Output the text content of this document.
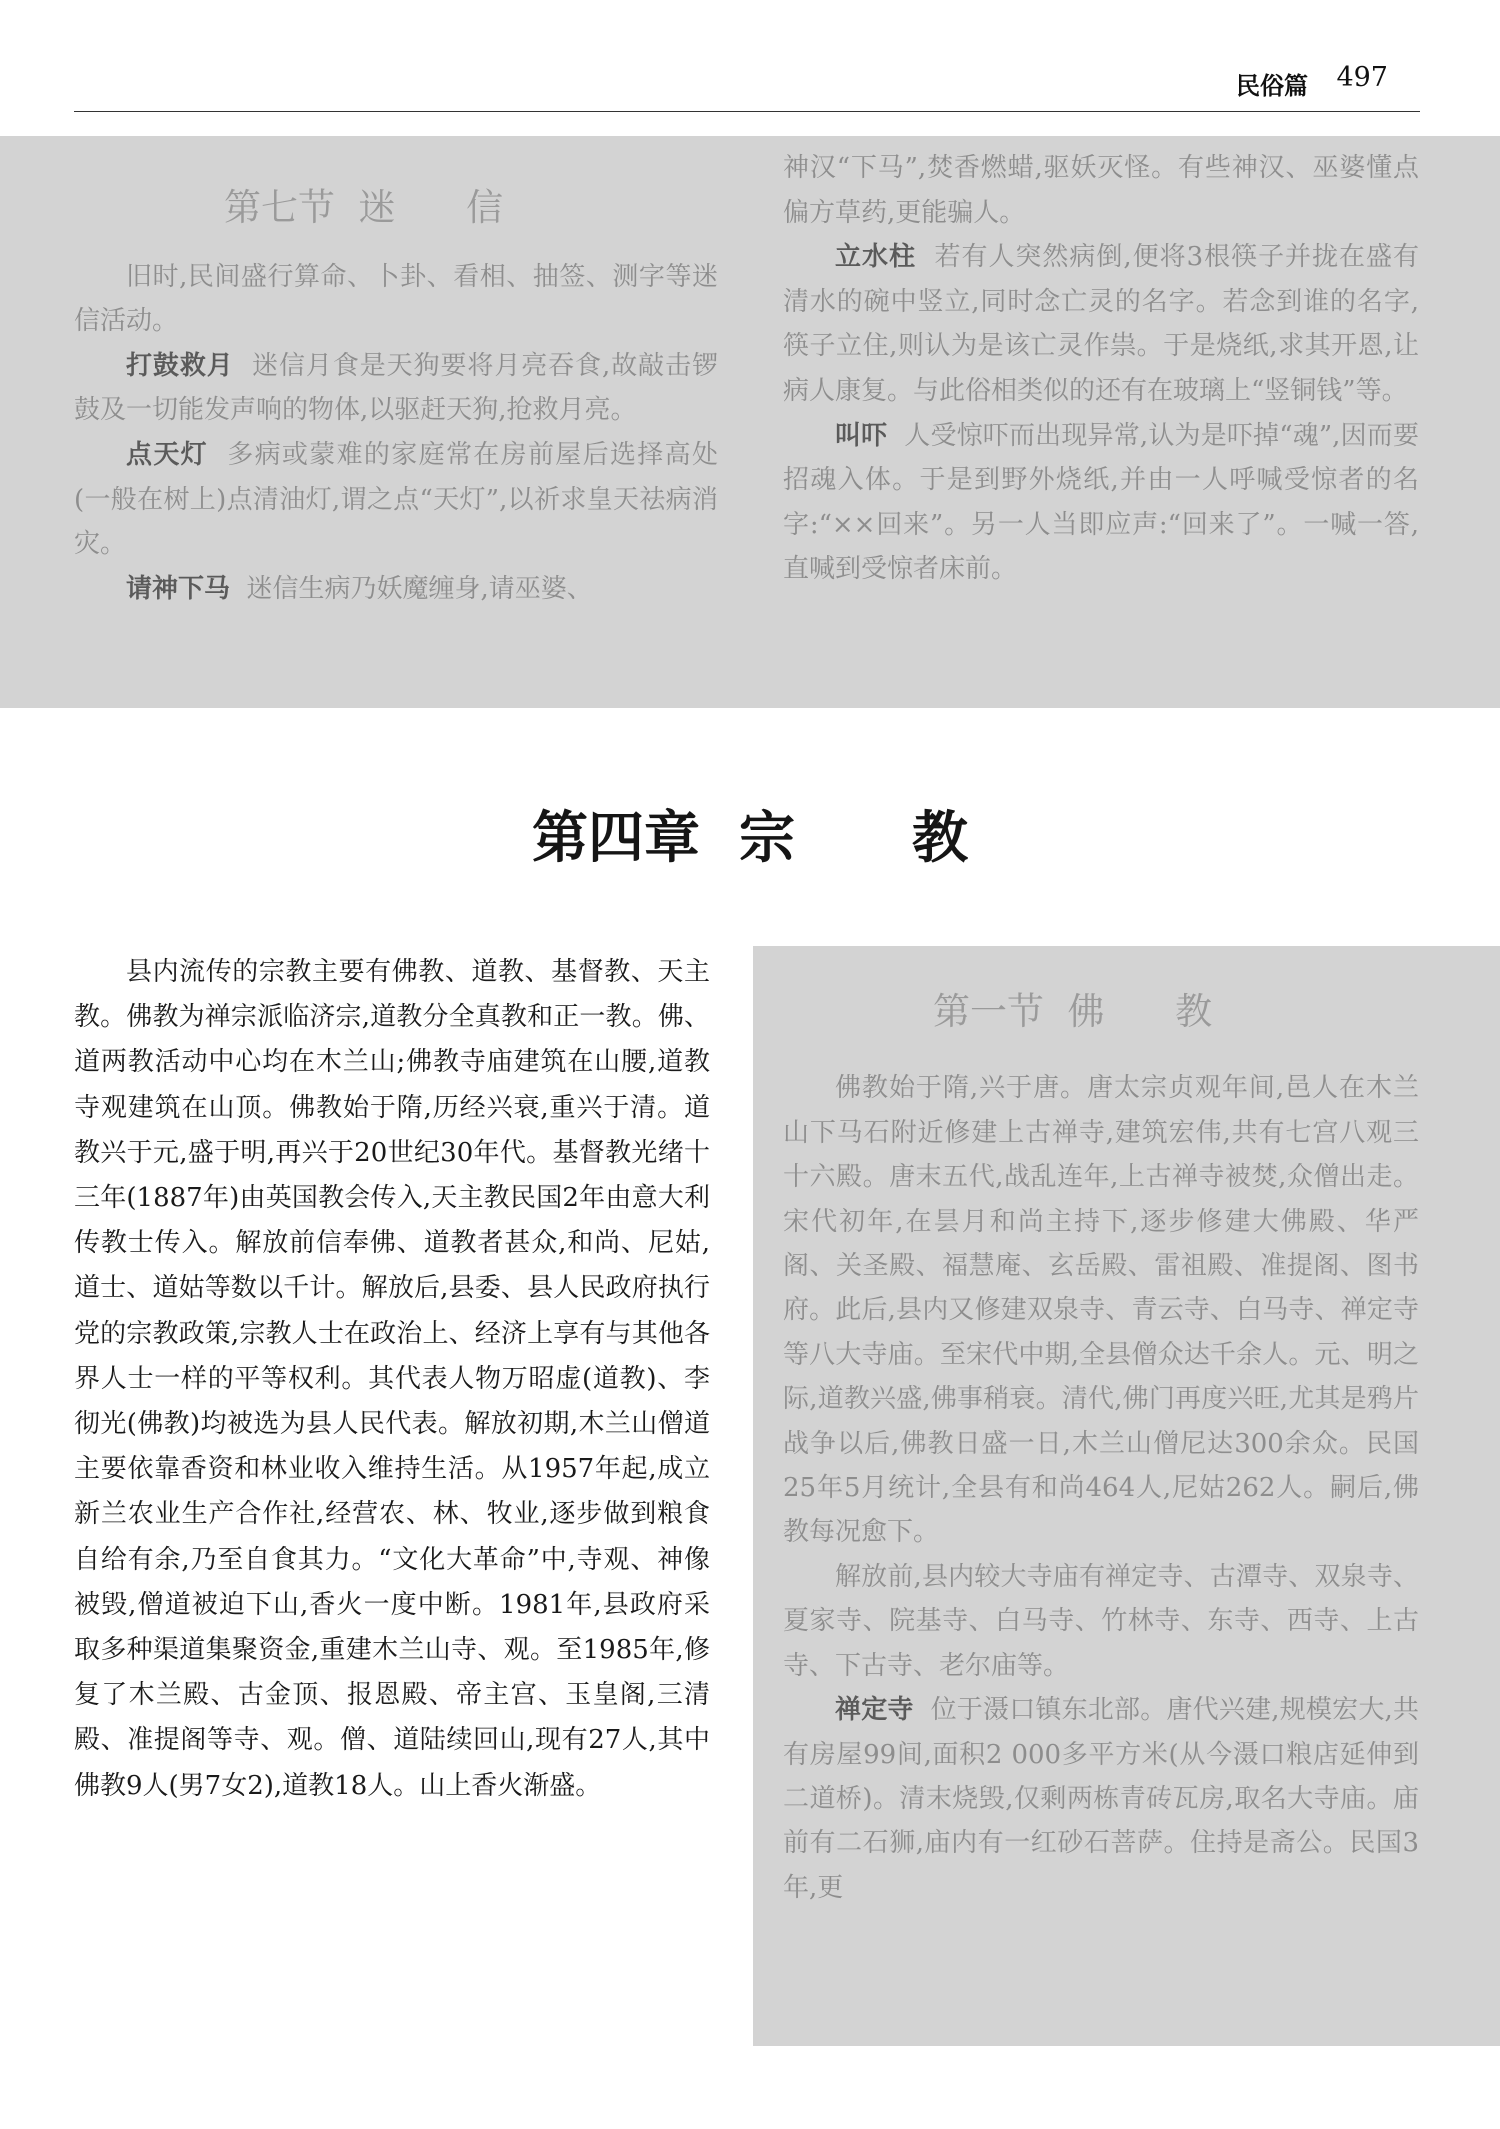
民俗篇 497
第七节  迷      信

旧时,民间盛行算命、卜卦、看相、抽签、测字等迷信活动。

打鼓救月 迷信月食是天狗要将月亮吞食,故敲击锣鼓及一切能发声响的物体,以驱赶天狗,抢救月亮。

点天灯 多病或蒙难的家庭常在房前屋后选择高处(一般在树上)点清油灯,谓之点“天灯”,以祈求皇天祛病消灾。

请神下马 迷信生病乃妖魔缠身,请巫婆、

神汉“下马”,焚香燃蜡,驱妖灭怪。有些神汉、巫婆懂点偏方草药,更能骗人。

立水柱 若有人突然病倒,便将3根筷子并拢在盛有清水的碗中竖立,同时念亡灵的名字。若念到谁的名字,筷子立住,则认为是该亡灵作祟。于是烧纸,求其开恩,让病人康复。与此俗相类似的还有在玻璃上“竖铜钱”等。

叫吓 人受惊吓而出现异常,认为是吓掉“魂”,因而要招魂入体。于是到野外烧纸,并由一人呼喊受惊者的名字:“××回来”。另一人当即应声:“回来了”。一喊一答,直喊到受惊者床前。

第四章  宗      教

县内流传的宗教主要有佛教、道教、基督教、天主教。佛教为禅宗派临济宗,道教分全真教和正一教。佛、道两教活动中心均在木兰山;佛教寺庙建筑在山腰,道教寺观建筑在山顶。佛教始于隋,历经兴衰,重兴于清。道教兴于元,盛于明,再兴于20世纪30年代。基督教光绪十三年(1887年)由英国教会传入,天主教民国2年由意大利传教士传入。解放前信奉佛、道教者甚众,和尚、尼姑,道士、道姑等数以千计。解放后,县委、县人民政府执行党的宗教政策,宗教人士在政治上、经济上享有与其他各界人士一样的平等权利。其代表人物万昭虚(道教)、李彻光(佛教)均被选为县人民代表。解放初期,木兰山僧道主要依靠香资和林业收入维持生活。从1957年起,成立新兰农业生产合作社,经营农、林、牧业,逐步做到粮食自给有余,乃至自食其力。“文化大革命”中,寺观、神像被毁,僧道被迫下山,香火一度中断。1981年,县政府采取多种渠道集聚资金,重建木兰山寺、观。至1985年,修复了木兰殿、古金顶、报恩殿、帝主宫、玉皇阁,三清殿、准提阁等寺、观。僧、道陆续回山,现有27人,其中佛教9人(男7女2),道教18人。山上香火渐盛。

第一节  佛      教

佛教始于隋,兴于唐。唐太宗贞观年间,邑人在木兰山下马石附近修建上古禅寺,建筑宏伟,共有七宫八观三十六殿。唐末五代,战乱连年,上古禅寺被焚,众僧出走。宋代初年,在昙月和尚主持下,逐步修建大佛殿、华严阁、关圣殿、福慧庵、玄岳殿、雷祖殿、准提阁、图书府。此后,县内又修建双泉寺、青云寺、白马寺、禅定寺等八大寺庙。至宋代中期,全县僧众达千余人。元、明之际,道教兴盛,佛事稍衰。清代,佛门再度兴旺,尤其是鸦片战争以后,佛教日盛一日,木兰山僧尼达300余众。民国25年5月统计,全县有和尚464人,尼姑262人。嗣后,佛教每况愈下。

解放前,县内较大寺庙有禅定寺、古潭寺、双泉寺、夏家寺、院基寺、白马寺、竹林寺、东寺、西寺、上古寺、下古寺、老尔庙等。

禅定寺 位于滠口镇东北部。唐代兴建,规模宏大,共有房屋99间,面积2 000多平方米(从今滠口粮店延伸到二道桥)。清末烧毁,仅剩两栋青砖瓦房,取名大寺庙。庙前有二石狮,庙内有一红砂石菩萨。住持是斋公。民国3年,更
